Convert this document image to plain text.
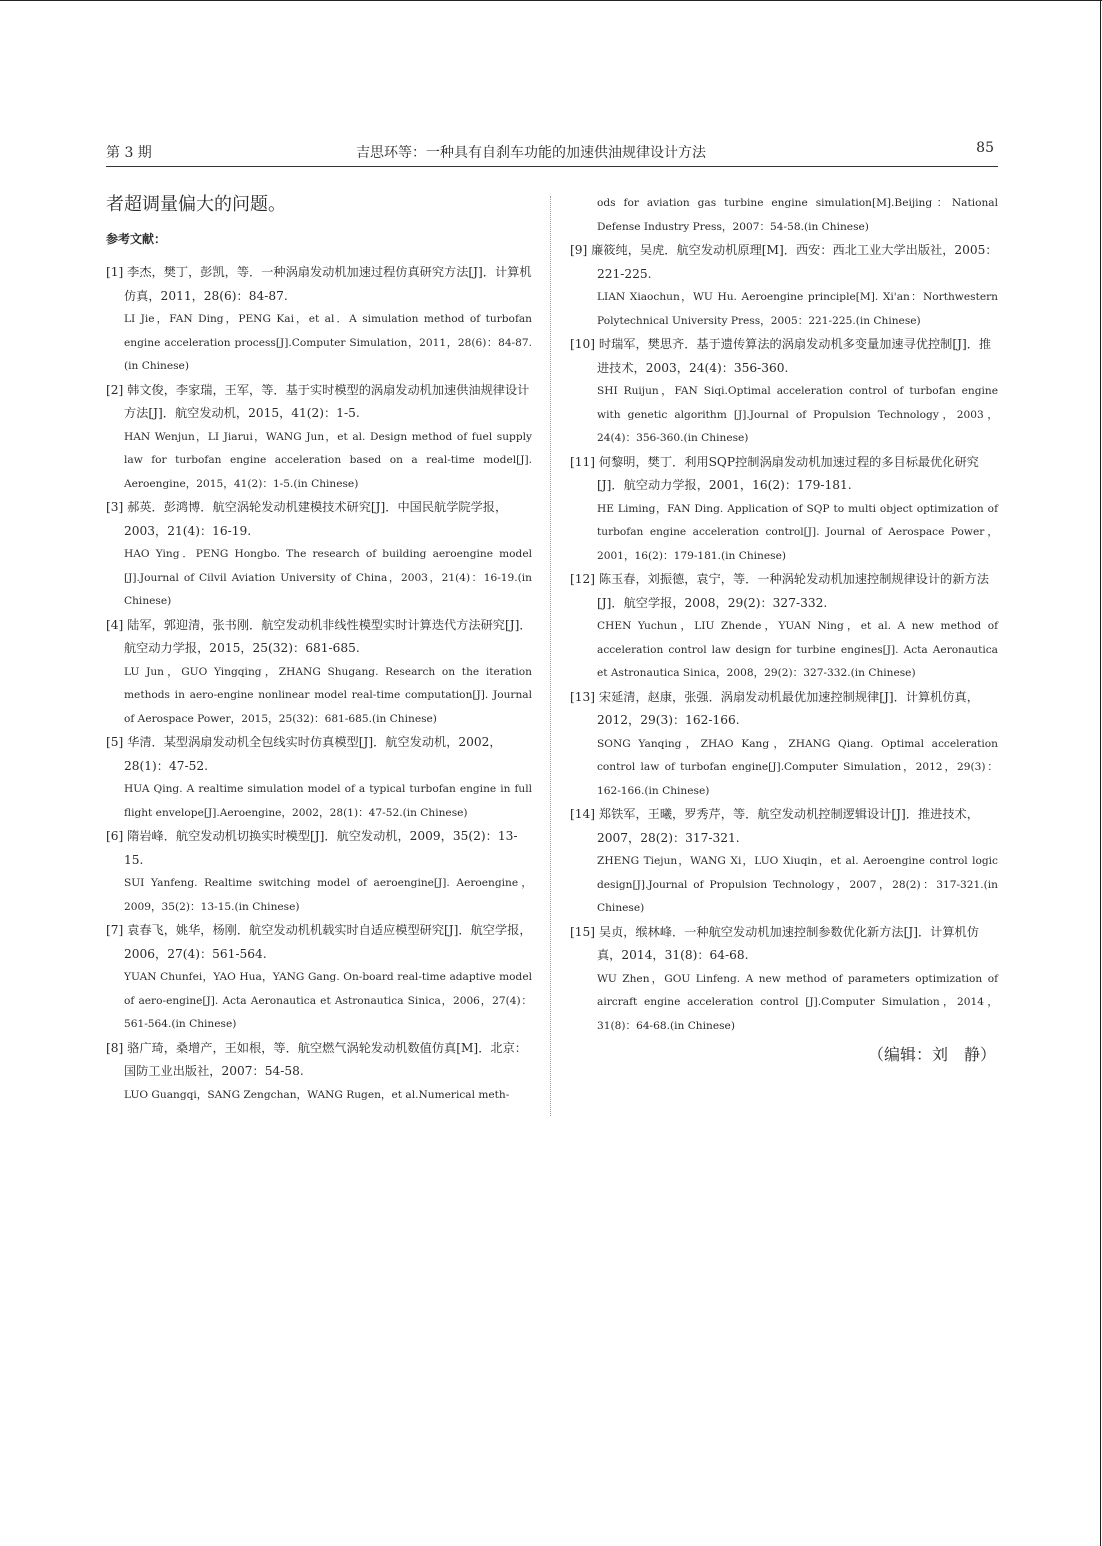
第 3 期	吉思环等：一种具有自刹车功能的加速供油规律设计方法	85

者超调量偏大的问题。

参考文献：

[1] 李杰，樊丁，彭凯，等．一种涡扇发动机加速过程仿真研究方法[J]．计算机仿真，2011，28(6)：84-87.

LI Jie，FAN Ding，PENG Kai，et al．A simulation method of turbofan engine acceleration process[J].Computer Simulation，2011，28(6)：84-87.(in Chinese)

[2] 韩文俊，李家瑞，王军，等．基于实时模型的涡扇发动机加速供油规律设计方法[J]．航空发动机，2015，41(2)：1-5.

HAN Wenjun，LI Jiarui，WANG Jun，et al. Design method of fuel supply law for turbofan engine acceleration based on a real-time model[J]. Aeroengine，2015，41(2)：1-5.(in Chinese)

[3] 郝英．彭鸿博．航空涡轮发动机建模技术研究[J]．中国民航学院学报，2003，21(4)：16-19.

HAO Ying．PENG Hongbo. The research of building aeroengine model [J].Journal of Cilvil Aviation University of China，2003，21(4)：16-19.(in Chinese)

[4] 陆军，郭迎清，张书刚．航空发动机非线性模型实时计算迭代方法研究[J]．航空动力学报，2015，25(32)：681-685.

LU Jun，GUO Yingqing，ZHANG Shugang. Research on the iteration methods in aero-engine nonlinear model real-time computation[J]. Journal of Aerospace Power，2015，25(32)：681-685.(in Chinese)

[5] 华清．某型涡扇发动机全包线实时仿真模型[J]．航空发动机，2002，28(1)：47-52.

HUA Qing. A realtime simulation model of a typical turbofan engine in full flight envelope[J].Aeroengine，2002，28(1)：47-52.(in Chinese)

[6] 隋岩峰．航空发动机切换实时模型[J]．航空发动机，2009，35(2)：13-15.

SUI Yanfeng. Realtime switching model of aeroengine[J]. Aeroengine，2009，35(2)：13-15.(in Chinese)

[7] 袁春飞，姚华，杨刚．航空发动机机载实时自适应模型研究[J]．航空学报，2006，27(4)：561-564.

YUAN Chunfei，YAO Hua，YANG Gang. On-board real-time adaptive model of aero-engine[J]. Acta Aeronautica et Astronautica Sinica，2006，27(4)：561-564.(in Chinese)

[8] 骆广琦，桑增产，王如根，等．航空燃气涡轮发动机数值仿真[M]．北京：国防工业出版社，2007：54-58.

LUO Guangqi，SANG Zengchan，WANG Rugen，et al.Numerical meth-

ods for aviation gas turbine engine simulation[M].Beijing：National Defense Industry Press，2007：54-58.(in Chinese)

[9] 廉筱纯，吴虎．航空发动机原理[M]．西安：西北工业大学出版社，2005：221-225.

LIAN Xiaochun，WU Hu. Aeroengine principle[M]. Xi'an：Northwestern Polytechnical University Press，2005：221-225.(in Chinese)

[10] 时瑞军，樊思齐．基于遗传算法的涡扇发动机多变量加速寻优控制[J]．推进技术，2003，24(4)：356-360.

SHI Ruijun，FAN Siqi.Optimal acceleration control of turbofan engine with genetic algorithm [J].Journal of Propulsion Technology，2003，24(4)：356-360.(in Chinese)

[11] 何黎明，樊丁．利用SQP控制涡扇发动机加速过程的多目标最优化研究[J]．航空动力学报，2001，16(2)：179-181.

HE Liming，FAN Ding. Application of SQP to multi object optimization of turbofan engine acceleration control[J]. Journal of Aerospace Power，2001，16(2)：179-181.(in Chinese)

[12] 陈玉春，刘振德，袁宁，等．一种涡轮发动机加速控制规律设计的新方法[J]．航空学报，2008，29(2)：327-332.

CHEN Yuchun，LIU Zhende，YUAN Ning，et al. A new method of acceleration control law design for turbine engines[J]. Acta Aeronautica et Astronautica Sinica，2008，29(2)：327-332.(in Chinese)

[13] 宋延清，赵康，张强．涡扇发动机最优加速控制规律[J]．计算机仿真，2012，29(3)：162-166.

SONG Yanqing，ZHAO Kang，ZHANG Qiang. Optimal acceleration control law of turbofan engine[J].Computer Simulation，2012，29(3)：162-166.(in Chinese)

[14] 郑铁军，王曦，罗秀芹，等．航空发动机控制逻辑设计[J]．推进技术，2007，28(2)：317-321.

ZHENG Tiejun，WANG Xi，LUO Xiuqin，et al. Aeroengine control logic design[J].Journal of Propulsion Technology，2007，28(2)：317-321.(in Chinese)

[15] 吴贞，缑林峰．一种航空发动机加速控制参数优化新方法[J]．计算机仿真，2014，31(8)：64-68.

WU Zhen，GOU Linfeng. A new method of parameters optimization of aircraft engine acceleration control [J].Computer Simulation，2014，31(8)：64-68.(in Chinese)

（编辑：刘　静）
